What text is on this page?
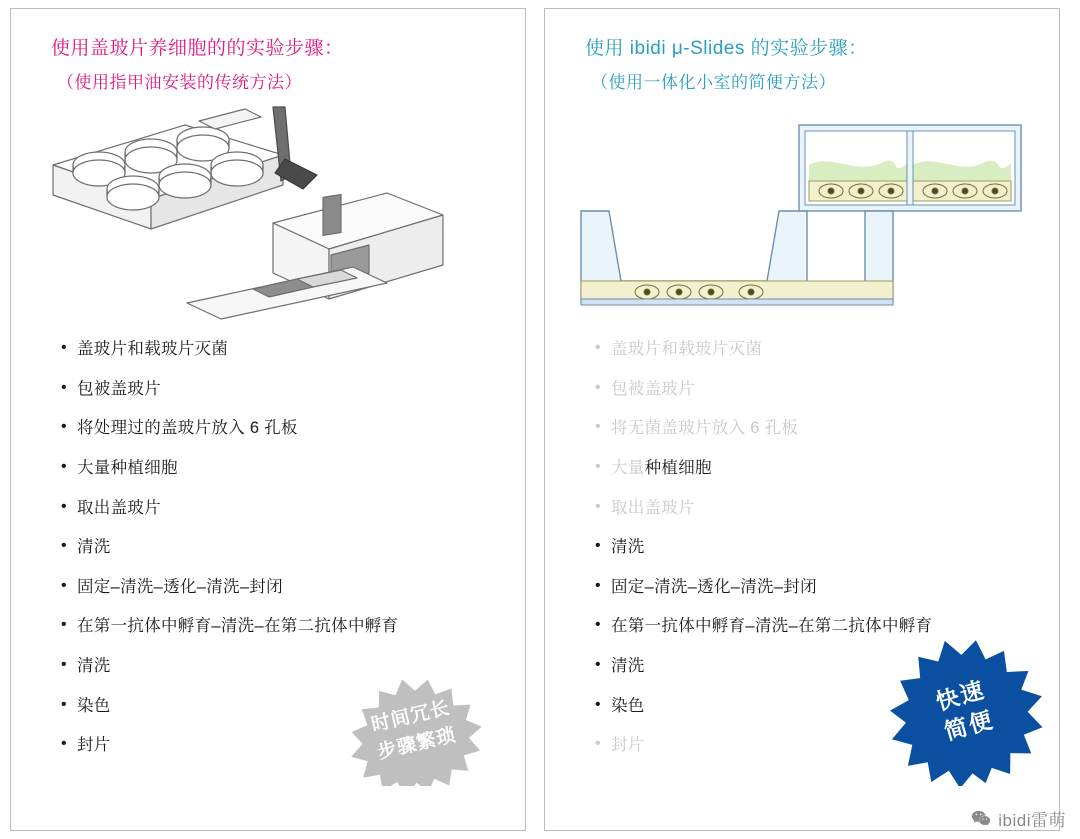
使用盖玻片养细胞的的实验步骤：
（使用指甲油安装的传统方法）
• 盖玻片和载玻片灭菌
• 包被盖玻片
• 将处理过的盖玻片放入 6 孔板
• 大量种植细胞
• 取出盖玻片
• 清洗
• 固定–清洗–透化–清洗–封闭
• 在第一抗体中孵育–清洗–在第二抗体中孵育
• 清洗
• 染色
• 封片
时间冗长
步骤繁琐
使用 ibidi μ-Slides 的实验步骤：
（使用一体化小室的简便方法）
• 盖玻片和载玻片灭菌
• 包被盖玻片
• 将无菌盖玻片放入 6 孔板
• 大量种植细胞
• 取出盖玻片
• 清洗
• 固定–清洗–透化–清洗–封闭
• 在第一抗体中孵育–清洗–在第二抗体中孵育
• 清洗
• 染色
• 封片
快速
简便
ibidi雷萌
